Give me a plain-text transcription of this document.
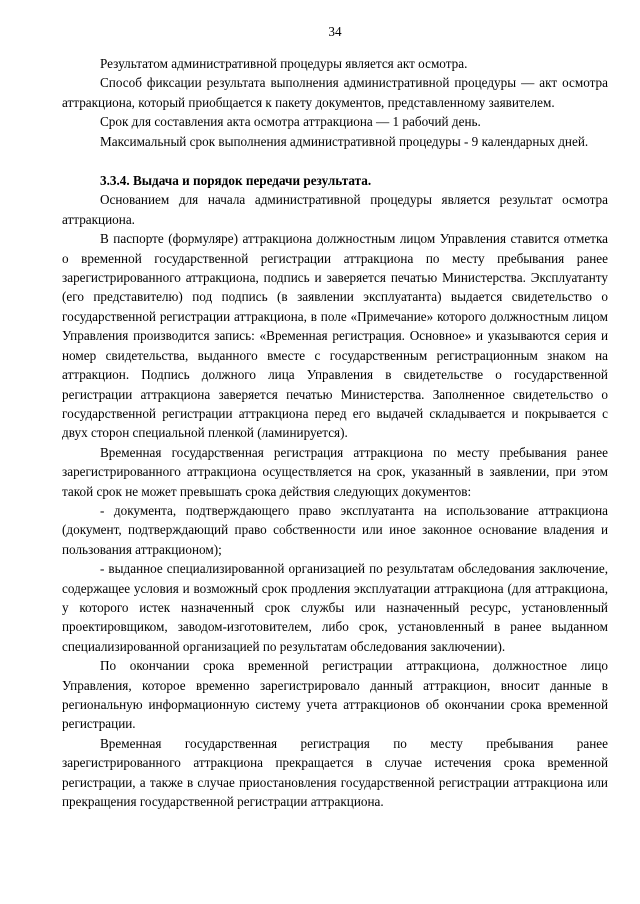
34

Результатом административной процедуры является акт осмотра.

Способ фиксации результата выполнения административной процедуры — акт осмотра аттракциона, который приобщается к пакету документов, представленному заявителем.

Срок для составления акта осмотра аттракциона — 1 рабочий день.

Максимальный срок выполнения административной процедуры - 9 календарных дней.

3.3.4. Выдача и порядок передачи результата.

Основанием для начала административной процедуры является результат осмотра аттракциона.

В паспорте (формуляре) аттракциона должностным лицом Управления ставится отметка о временной государственной регистрации аттракциона по месту пребывания ранее зарегистрированного аттракциона, подпись и заверяется печатью Министерства. Эксплуатанту (его представителю) под подпись (в заявлении эксплуатанта) выдается свидетельство о государственной регистрации аттракциона, в поле «Примечание» которого должностным лицом Управления производится запись: «Временная регистрация. Основное» и указываются серия и номер свидетельства, выданного вместе с государственным регистрационным знаком на аттракцион. Подпись должного лица Управления в свидетельстве о государственной регистрации аттракциона заверяется печатью Министерства. Заполненное свидетельство о государственной регистрации аттракциона перед его выдачей складывается и покрывается с двух сторон специальной пленкой (ламинируется).

Временная государственная регистрация аттракциона по месту пребывания ранее зарегистрированного аттракциона осуществляется на срок, указанный в заявлении, при этом такой срок не может превышать срока действия следующих документов:

- документа, подтверждающего право эксплуатанта на использование аттракциона (документ, подтверждающий право собственности или иное законное основание владения и пользования аттракционом);

- выданное специализированной организацией по результатам обследования заключение, содержащее условия и возможный срок продления эксплуатации аттракциона (для аттракциона, у которого истек назначенный срок службы или назначенный ресурс, установленный проектировщиком, заводом-изготовителем, либо срок, установленный в ранее выданном специализированной организацией по результатам обследования заключении).

По окончании срока временной регистрации аттракциона, должностное лицо Управления, которое временно зарегистрировало данный аттракцион, вносит данные в региональную информационную систему учета аттракционов об окончании срока временной регистрации.

Временная государственная регистрация по месту пребывания ранее зарегистрированного аттракциона прекращается в случае истечения срока временной регистрации, а также в случае приостановления государственной регистрации аттракциона или прекращения государственной регистрации аттракциона.
